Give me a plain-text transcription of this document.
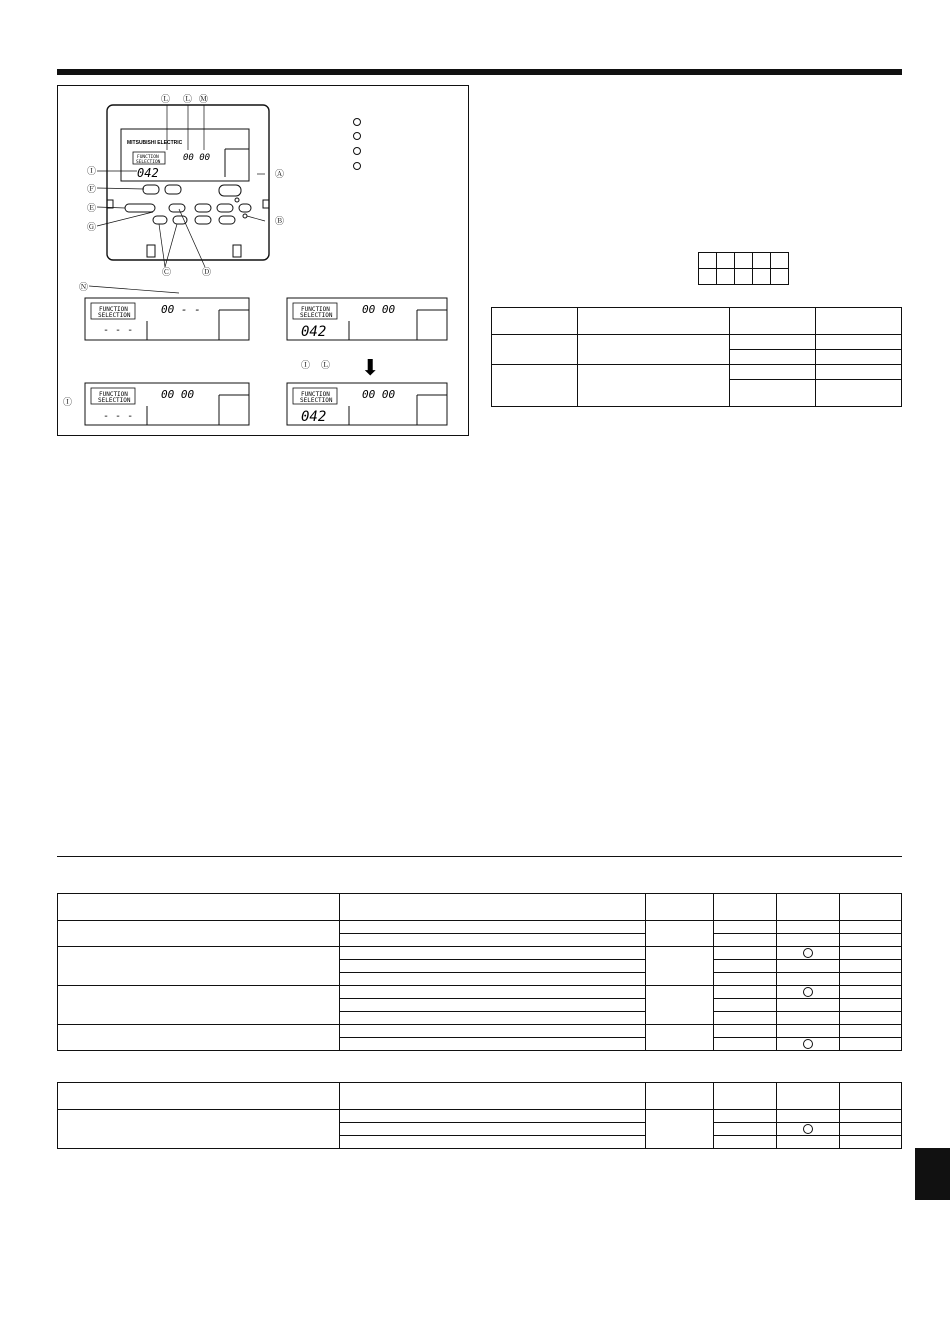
MITSUBISHI ELECTRIC
FUNCTION
SELECTION
042
00 00
Ⓐ
Ⓑ
Ⓒ	Ⓓ
Ⓔ
Ⓕ
Ⓖ
Ⓘ
Ⓛ Ⓛ Ⓜ
Ⓝ
Ⓘ
Ⓘ Ⓛ
FUNCTION
SELECTION	00 - -
- - -
FUNCTION
SELECTION	00 00
042
⬇
FUNCTION
SELECTION	00 00
- - -
FUNCTION
SELECTION	00 00
042
